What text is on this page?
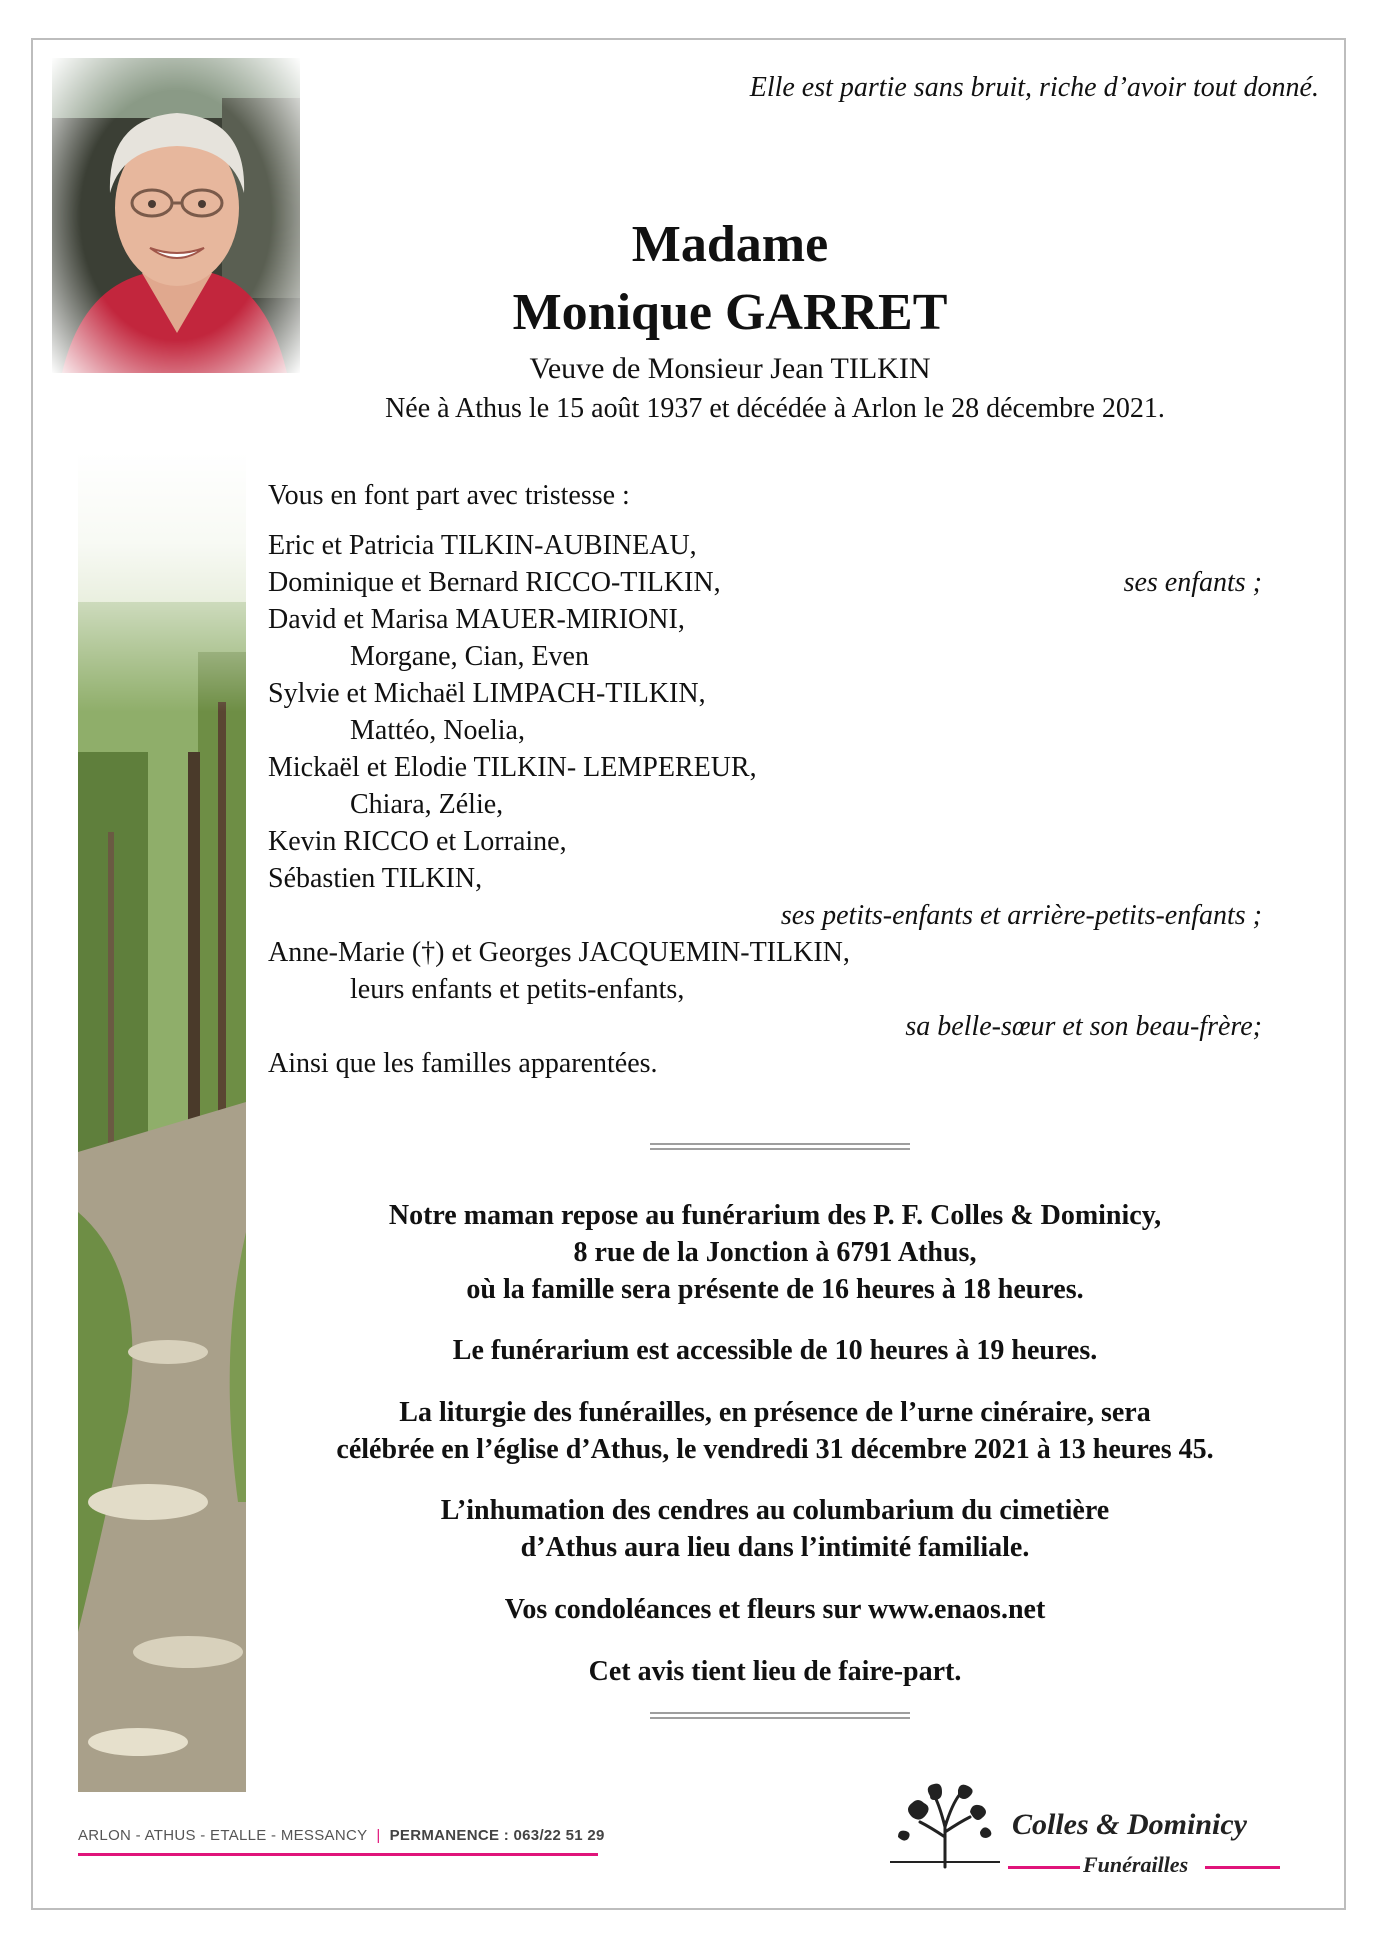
Elle est partie sans bruit, riche d’avoir tout donné.
Madame
Monique GARRET
Veuve de Monsieur Jean TILKIN
Née à Athus le 15 août 1937 et décédée à Arlon le 28 décembre 2021.
Vous en font part avec tristesse :
Eric et Patricia TILKIN-AUBINEAU,
Dominique et Bernard RICCO-TILKIN,	ses enfants ;
David et Marisa MAUER-MIRIONI,
Morgane, Cian, Even
Sylvie et Michaël LIMPACH-TILKIN,
Mattéo, Noelia,
Mickaël et Elodie TILKIN- LEMPEREUR,
Chiara, Zélie,
Kevin RICCO et Lorraine,
Sébastien TILKIN,
ses petits-enfants et arrière-petits-enfants ;
Anne-Marie (†) et Georges JACQUEMIN-TILKIN,
leurs enfants et petits-enfants,
sa belle-sœur et son beau-frère;
Ainsi que les familles apparentées.
Notre maman repose au funérarium des P. F. Colles & Dominicy,
8 rue de la Jonction à 6791 Athus,
où la famille sera présente de 16 heures à 18 heures.
Le funérarium est accessible de 10 heures à 19 heures.
La liturgie des funérailles, en présence de l’urne cinéraire, sera
célébrée en l’église d’Athus, le vendredi 31 décembre 2021 à 13 heures 45.
L’inhumation des cendres au columbarium du cimetière
d’Athus aura lieu dans l’intimité familiale.
Vos condoléances et fleurs sur www.enaos.net
Cet avis tient lieu de faire-part.
ARLON - ATHUS - ETALLE - MESSANCY | PERMANENCE : 063/22 51 29	Colles & Dominicy
Funérailles
